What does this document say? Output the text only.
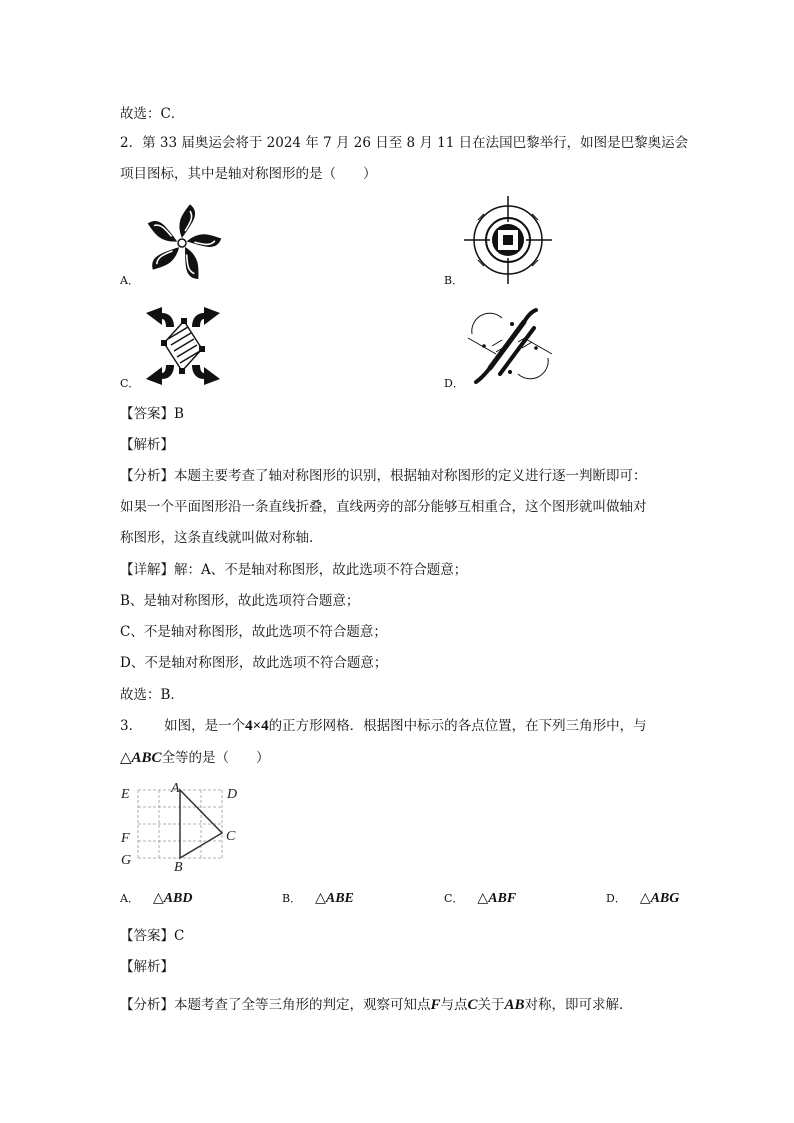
故选：C．
2．第 33 届奥运会将于 2024 年 7 月 26 日至 8 月 11 日在法国巴黎举行，如图是巴黎奥运会
项目图标，其中是轴对称图形的是（　　）
A．	B．
C．	D．
【答案】B
【解析】
【分析】本题主要考查了轴对称图形的识别，根据轴对称图形的定义进行逐一判断即可：
如果一个平面图形沿一条直线折叠，直线两旁的部分能够互相重合，这个图形就叫做轴对
称图形，这条直线就叫做对称轴．
【详解】解：A、不是轴对称图形，故此选项不符合题意；
B、是轴对称图形，故此选项符合题意；
C、不是轴对称图形，故此选项不符合题意；
D、不是轴对称图形，故此选项不符合题意；
故选：B．
3． 如图，是一个4×4的正方形网格．根据图中标示的各点位置，在下列三角形中，与
△ABC全等的是（　　）
A
B
C
D
E
F
G
A． △ABD	B． △ABE	C． △ABF	D． △ABG
【答案】C
【解析】
【分析】本题考查了全等三角形的判定，观察可知点F与点C关于AB对称，即可求解．
